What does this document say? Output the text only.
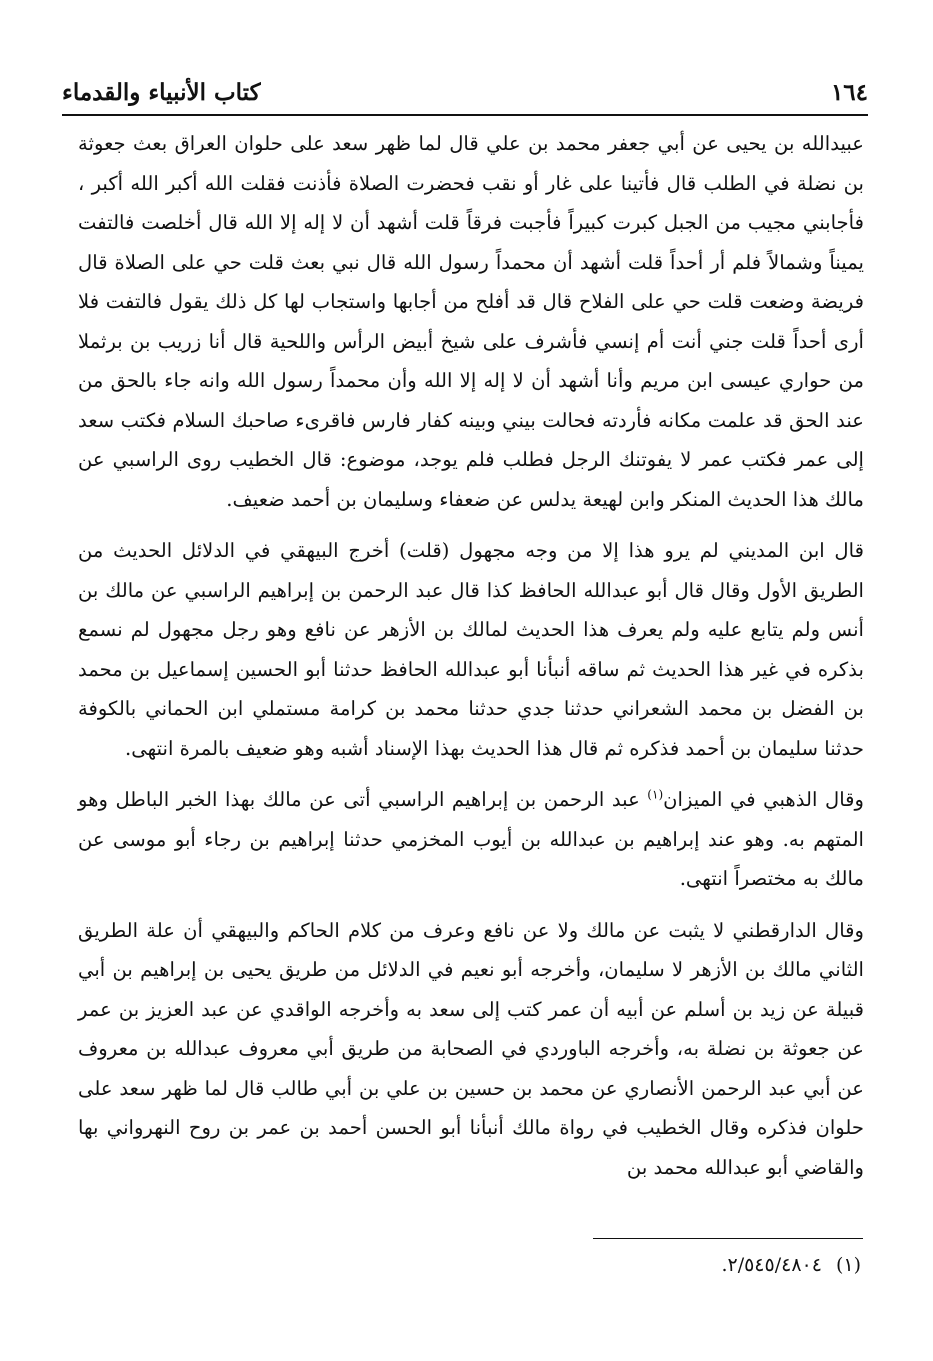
١٦٤
كتاب الأنبياء والقدماء

عبيدالله بن يحيى عن أبي جعفر محمد بن علي قال لما ظهر سعد على حلوان العراق بعث جعوثة بن نضلة في الطلب قال فأتينا على غار أو نقب فحضرت الصلاة فأذنت فقلت الله أكبر الله أكبر ، فأجابني مجيب من الجبل كبرت كبيراً فأجبت فرقاً قلت أشهد أن لا إله إلا الله قال أخلصت فالتفت يميناً وشمالاً فلم أر أحداً قلت أشهد أن محمداً رسول الله قال نبي بعث قلت حي على الصلاة قال فريضة وضعت قلت حي على الفلاح قال قد أفلح من أجابها واستجاب لها كل ذلك يقول فالتفت فلا أرى أحداً قلت جني أنت أم إنسي فأشرف على شيخ أبيض الرأس واللحية قال أنا زريب بن برثملا من حواري عيسى ابن مريم وأنا أشهد أن لا إله إلا الله وأن محمداً رسول الله وانه جاء بالحق من عند الحق قد علمت مكانه فأردته فحالت بيني وبينه كفار فارس فاقرىء صاحبك السلام فكتب سعد إلى عمر فكتب عمر لا يفوتنك الرجل فطلب فلم يوجد، موضوع: قال الخطيب روى الراسبي عن مالك هذا الحديث المنكر وابن لهيعة يدلس عن ضعفاء وسليمان بن أحمد ضعيف.

قال ابن المديني لم يرو هذا إلا من وجه مجهول (قلت) أخرج البيهقي في الدلائل الحديث من الطريق الأول وقال قال أبو عبدالله الحافظ كذا قال عبد الرحمن بن إبراهيم الراسبي عن مالك بن أنس ولم يتابع عليه ولم يعرف هذا الحديث لمالك بن الأزهر عن نافع وهو رجل مجهول لم نسمع بذكره في غير هذا الحديث ثم ساقه أنبأنا أبو عبدالله الحافظ حدثنا أبو الحسين إسماعيل بن محمد بن الفضل بن محمد الشعراني حدثنا جدي حدثنا محمد بن كرامة مستملي ابن الحماني بالكوفة حدثنا سليمان بن أحمد فذكره ثم قال هذا الحديث بهذا الإسناد أشبه وهو ضعيف بالمرة انتهى.

وقال الذهبي في الميزان$^{(١)}$ عبد الرحمن بن إبراهيم الراسبي أتى عن مالك بهذا الخبر الباطل وهو المتهم به. وهو عند إبراهيم بن عبدالله بن أيوب المخزمي حدثنا إبراهيم بن رجاء أبو موسى عن مالك به مختصراً انتهى.

وقال الدارقطني لا يثبت عن مالك ولا عن نافع وعرف من كلام الحاكم والبيهقي أن علة الطريق الثاني مالك بن الأزهر لا سليمان، وأخرجه أبو نعيم في الدلائل من طريق يحيى بن إبراهيم بن أبي قبيلة عن زيد بن أسلم عن أبيه أن عمر كتب إلى سعد به وأخرجه الواقدي عن عبد العزيز بن عمر عن جعوثة بن نضلة به، وأخرجه الباوردي في الصحابة من طريق أبي معروف عبدالله بن معروف عن أبي عبد الرحمن الأنصاري عن محمد بن حسين بن علي بن أبي طالب قال لما ظهر سعد على حلوان فذكره وقال الخطيب في رواة مالك أنبأنا أبو الحسن أحمد بن عمر بن روح النهرواني بها والقاضي أبو عبدالله محمد بن

(١)٢/٥٤٥/٤٨٠٤.
